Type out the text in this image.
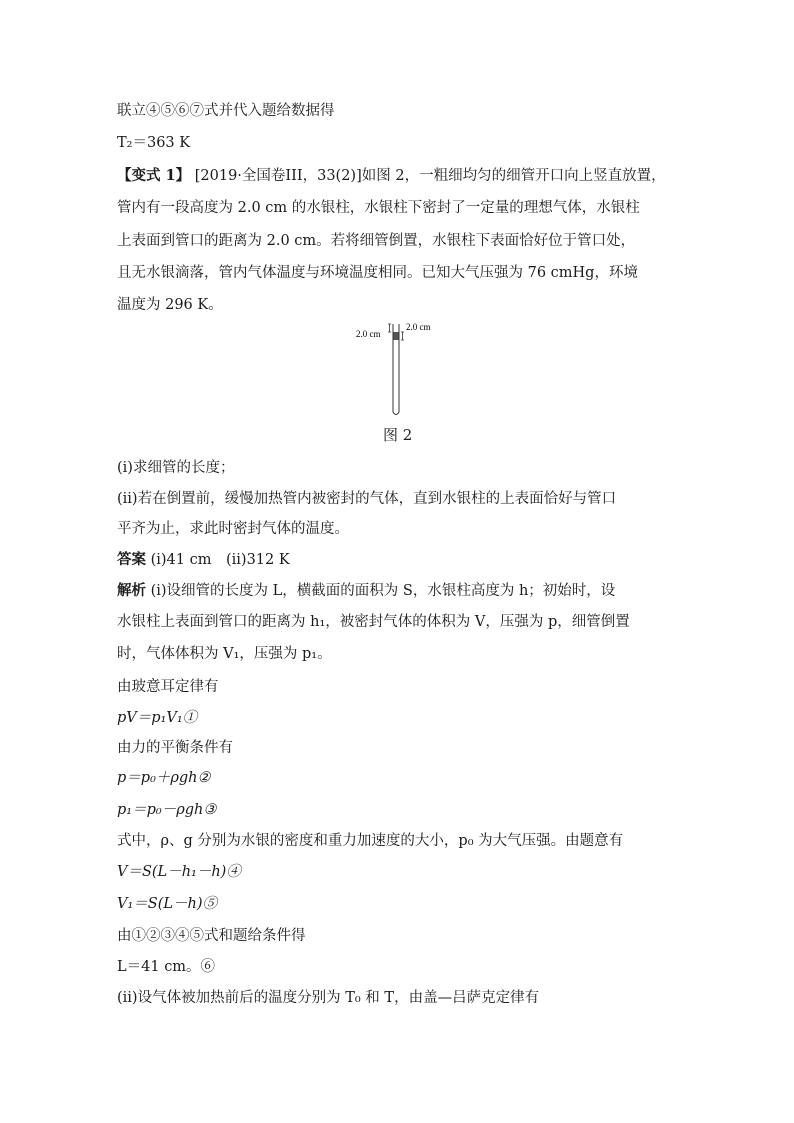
联立④⑤⑥⑦式并代入题给数据得
T₂＝363 K
【变式 1】 [2019·全国卷III，33(2)]如图 2，一粗细均匀的细管开口向上竖直放置，
管内有一段高度为 2.0 cm 的水银柱，水银柱下密封了一定量的理想气体，水银柱
上表面到管口的距离为 2.0 cm。若将细管倒置，水银柱下表面恰好位于管口处，
且无水银滴落，管内气体温度与环境温度相同。已知大气压强为 76 cmHg，环境
温度为 296 K。
2.0 cm
2.0 cm
图 2
(ⅰ)求细管的长度；
(ⅱ)若在倒置前，缓慢加热管内被密封的气体，直到水银柱的上表面恰好与管口
平齐为止，求此时密封气体的温度。
答案 (ⅰ)41 cm　(ⅱ)312 K
解析 (ⅰ)设细管的长度为 L，横截面的面积为 S，水银柱高度为 h；初始时，设
水银柱上表面到管口的距离为 h₁，被密封气体的体积为 V，压强为 p，细管倒置
时，气体体积为 V₁，压强为 p₁。
由玻意耳定律有
pV＝p₁V₁①
由力的平衡条件有
p＝p₀＋ρgh②
p₁＝p₀－ρgh③
式中，ρ、g 分别为水银的密度和重力加速度的大小，p₀ 为大气压强。由题意有
V＝S(L－h₁－h)④
V₁＝S(L－h)⑤
由①②③④⑤式和题给条件得
L＝41 cm。⑥
(ⅱ)设气体被加热前后的温度分别为 T₀ 和 T，由盖—吕萨克定律有
